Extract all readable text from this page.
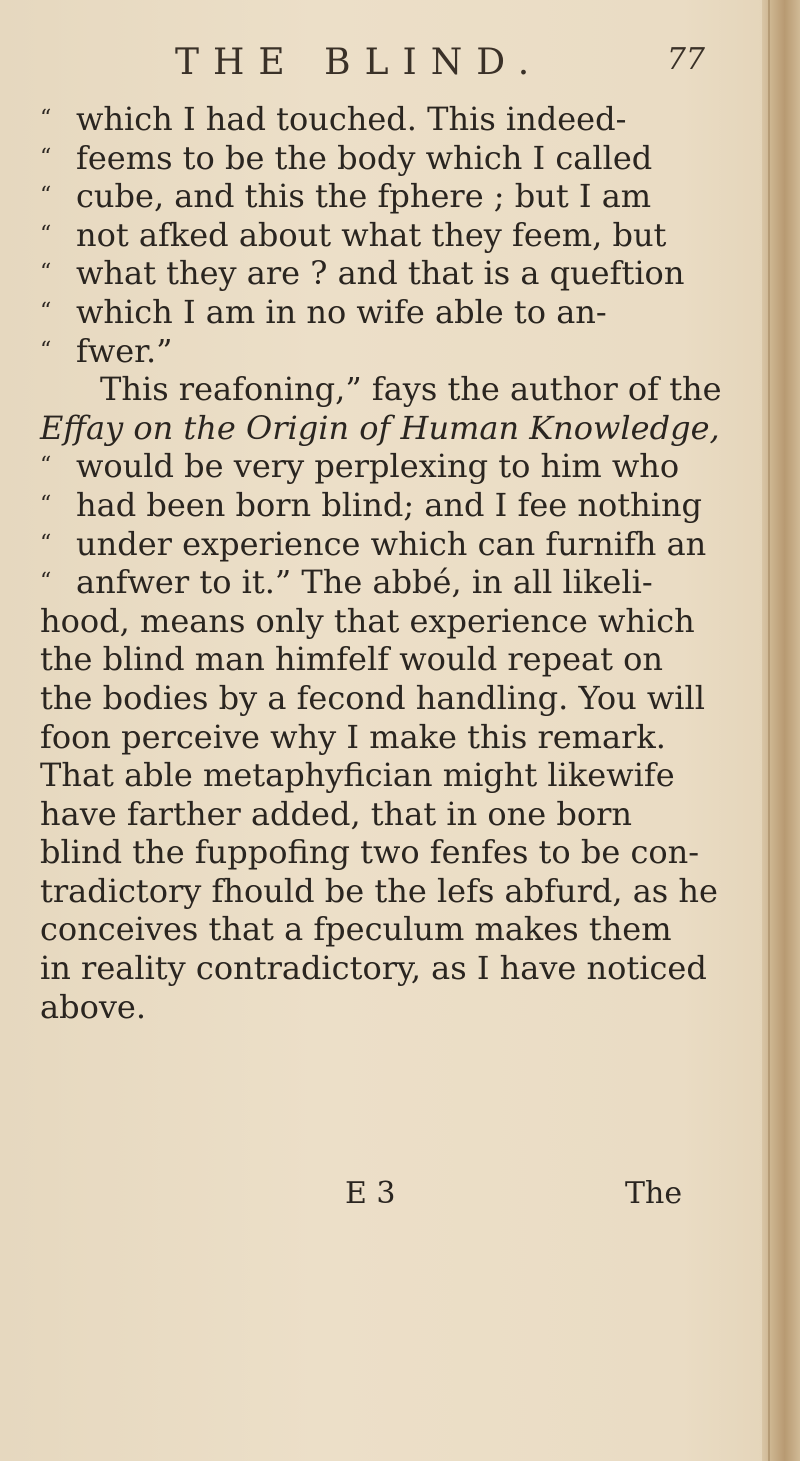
THE BLIND.	77
“ which I had touched. This indeed-
“ feems to be the body which I called
“ cube, and this the fphere ; but I am
“ not afked about what they feem, but
“ what they are ? and that is a queftion
“ which I am in no wife able to an-
“ fwer.”
This reafoning,” fays the author of the
Effay on the Origin of Human Knowledge,
“ would be very perplexing to him who
“ had been born blind; and I fee nothing
“ under experience which can furnifh an
“ anfwer to it.” The abbé, in all likeli-
hood, means only that experience which
the blind man himfelf would repeat on
the bodies by a fecond handling. You will
foon perceive why I make this remark.
That able metaphyfician might likewife
have farther added, that in one born
blind the fuppofing two fenfes to be con-
tradictory fhould be the lefs abfurd, as he
conceives that a fpeculum makes them
in reality contradictory, as I have noticed
above.
E 3	The
